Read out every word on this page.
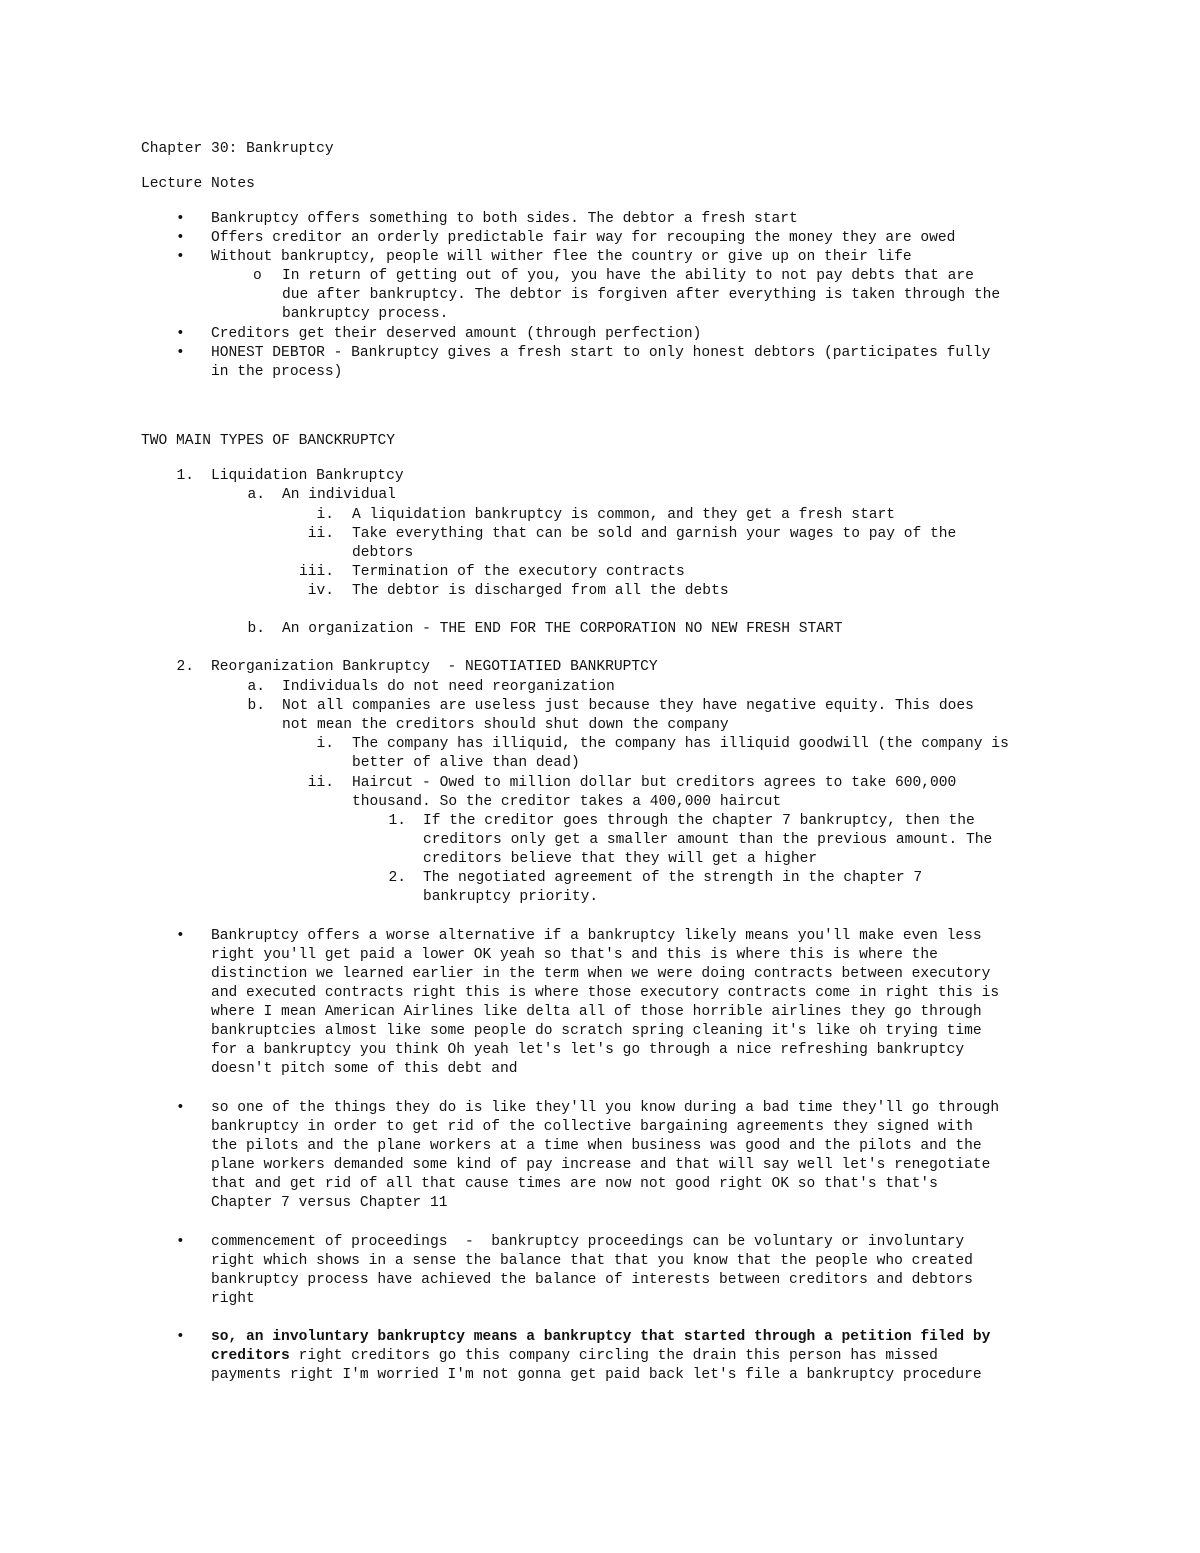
Chapter 30: Bankruptcy
Lecture Notes
• Bankruptcy offers something to both sides. The debtor a fresh start
• Offers creditor an orderly predictable fair way for recouping the money they are owed
• Without bankruptcy, people will wither flee the country or give up on their life
o In return of getting out of you, you have the ability to not pay debts that are
due after bankruptcy. The debtor is forgiven after everything is taken through the
bankruptcy process.
• Creditors get their deserved amount (through perfection)
• HONEST DEBTOR - Bankruptcy gives a fresh start to only honest debtors (participates fully
in the process)
TWO MAIN TYPES OF BANCKRUPTCY
1. Liquidation Bankruptcy
a. An individual
i. A liquidation bankruptcy is common, and they get a fresh start
ii. Take everything that can be sold and garnish your wages to pay of the
debtors
iii. Termination of the executory contracts
iv. The debtor is discharged from all the debts
b. An organization - THE END FOR THE CORPORATION NO NEW FRESH START
2. Reorganization Bankruptcy  - NEGOTIATIED BANKRUPTCY
a. Individuals do not need reorganization
b. Not all companies are useless just because they have negative equity. This does
not mean the creditors should shut down the company
i. The company has illiquid, the company has illiquid goodwill (the company is
better of alive than dead)
ii. Haircut - Owed to million dollar but creditors agrees to take 600,000
thousand. So the creditor takes a 400,000 haircut
1. If the creditor goes through the chapter 7 bankruptcy, then the
creditors only get a smaller amount than the previous amount. The
creditors believe that they will get a higher
2. The negotiated agreement of the strength in the chapter 7
bankruptcy priority.
• Bankruptcy offers a worse alternative if a bankruptcy likely means you'll make even less
right you'll get paid a lower OK yeah so that's and this is where this is where the
distinction we learned earlier in the term when we were doing contracts between executory
and executed contracts right this is where those executory contracts come in right this is
where I mean American Airlines like delta all of those horrible airlines they go through
bankruptcies almost like some people do scratch spring cleaning it's like oh trying time
for a bankruptcy you think Oh yeah let's let's go through a nice refreshing bankruptcy
doesn't pitch some of this debt and
• so one of the things they do is like they'll you know during a bad time they'll go through
bankruptcy in order to get rid of the collective bargaining agreements they signed with
the pilots and the plane workers at a time when business was good and the pilots and the
plane workers demanded some kind of pay increase and that will say well let's renegotiate
that and get rid of all that cause times are now not good right OK so that's that's
Chapter 7 versus Chapter 11
• commencement of proceedings  -  bankruptcy proceedings can be voluntary or involuntary
right which shows in a sense the balance that that you know that the people who created
bankruptcy process have achieved the balance of interests between creditors and debtors
right
• so, an involuntary bankruptcy means a bankruptcy that started through a petition filed by
creditors right creditors go this company circling the drain this person has missed
payments right I'm worried I'm not gonna get paid back let's file a bankruptcy procedure
